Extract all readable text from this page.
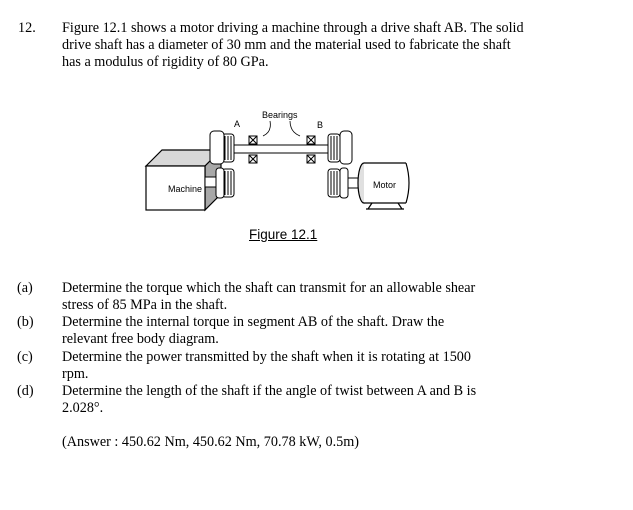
12. Figure 12.1 shows a motor driving a machine through a drive shaft AB. The solid
drive shaft has a diameter of 30 mm and the material used to fabricate the shaft
has a modulus of rigidity of 80 GPa.
Machine	Motor
Bearings
A	B
Figure 12.1
(a) Determine the torque which the shaft can transmit for an allowable shear
stress of 85 MPa in the shaft.
(b) Determine the internal torque in segment AB of the shaft. Draw the
relevant free body diagram.
(c) Determine the power transmitted by the shaft when it is rotating at 1500
rpm.
(d) Determine the length of the shaft if the angle of twist between A and B is
2.028°.
(Answer : 450.62 Nm, 450.62 Nm, 70.78 kW, 0.5m)
